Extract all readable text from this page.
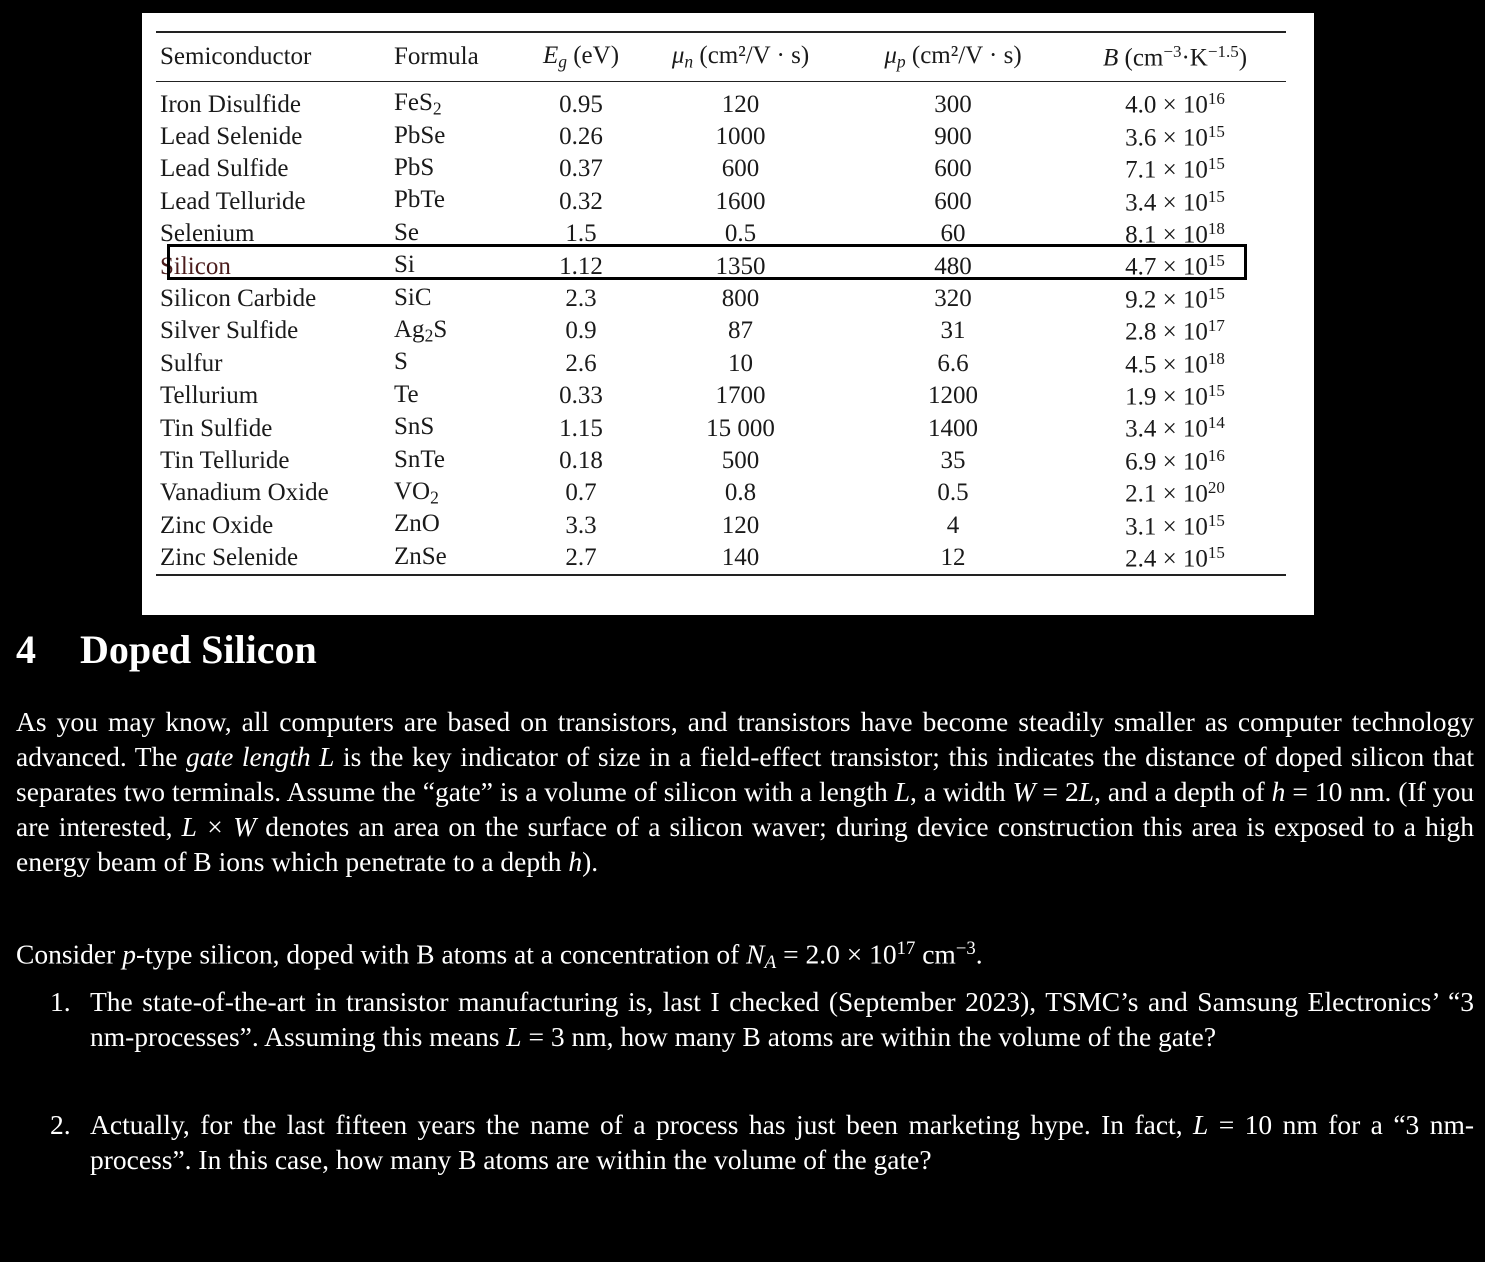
Semiconductor	Formula	$E_g$ (eV)	$\mu_n$ (cm²/V · s)	$\mu_p$ (cm²/V · s)	B $(cm^{-3}\cdot K^{-1.5})$
Iron Disulfide	FeS$_2$	0.95	120	300	$4.0 \times 10^{16}$
Lead Selenide	PbSe	0.26	1000	900	$3.6 \times 10^{15}$
Lead Sulfide	PbS	0.37	600	600	$7.1 \times 10^{15}$
Lead Telluride	PbTe	0.32	1600	600	$3.4 \times 10^{15}$
Selenium	Se	1.5	0.5	60	$8.1 \times 10^{18}$
Silicon	Si	1.12	1350	480	$4.7 \times 10^{15}$
Silicon Carbide	SiC	2.3	800	320	$9.2 \times 10^{15}$
Silver Sulfide	$Ag_2S$	0.9	87	31	$2.8 \times 10^{17}$
Sulfur	S	2.6	10	6.6	$4.5 \times 10^{18}$
Tellurium	Te	0.33	1700	1200	$1.9 \times 10^{15}$
Tin Sulfide	SnS	1.15	15 000	1400	$3.4 \times 10^{14}$
Tin Telluride	SnTe	0.18	500	35	$6.9 \times 10^{16}$
Vanadium Oxide	$VO_2$	0.7	0.8	0.5	$2.1 \times 10^{20}$
Zinc Oxide	ZnO	3.3	120	4	$3.1 \times 10^{15}$
Zinc Selenide	ZnSe	2.7	140	12	$2.4 \times 10^{15}$
4 Doped Silicon

As you may know, all computers are based on transistors, and transistors have become steadily smaller as computer technology advanced. The gate length L is the key indicator of size in a field-effect transistor; this indicates the distance of doped silicon that separates two terminals. Assume the “gate” is a volume of silicon with a length L, a width W = 2L, and a depth of h = 10 nm. (If you are interested, L × W denotes an area on the surface of a silicon waver; during device construction this area is exposed to a high energy beam of B ions which penetrate to a depth h).

Consider p-type silicon, doped with B atoms at a concentration of $N_A = 2.0 \times 10^{17}$ $cm^{-3}$.

1. The state-of-the-art in transistor manufacturing is, last I checked (September 2023), TSMC’s and Samsung Electronics’ “3 nm-processes”. Assuming this means L = 3 nm, how many B atoms are within the volume of the gate?
2. Actually, for the last fifteen years the name of a process has just been marketing hype. In fact, L = 10 nm for a “3 nm-process”. In this case, how many B atoms are within the volume of the gate?
